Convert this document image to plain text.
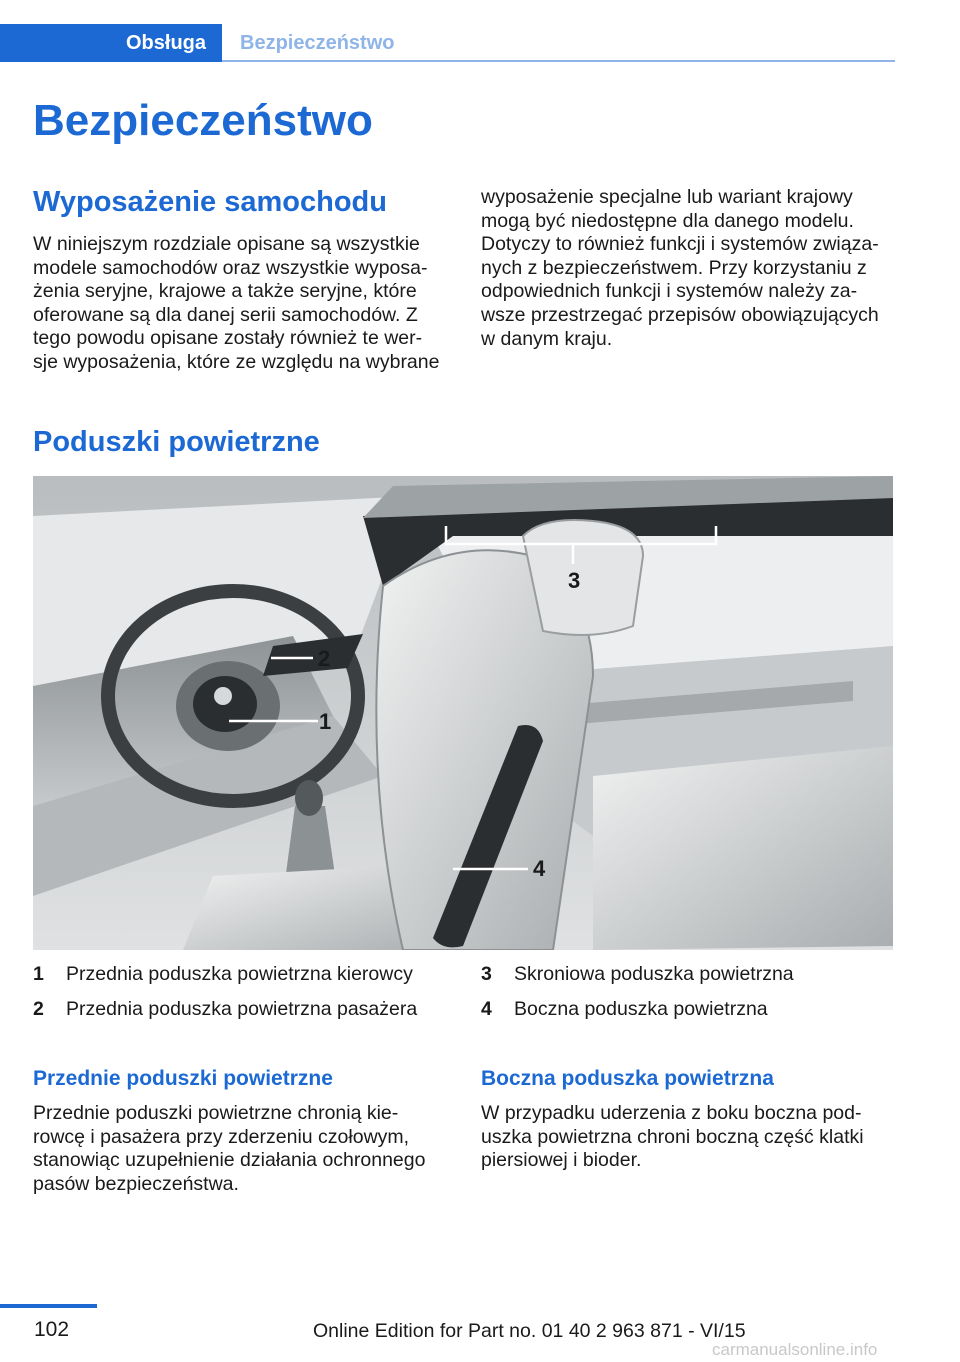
Obsługa	Bezpieczeństwo
Bezpieczeństwo
Wyposażenie samochodu
W niniejszym rozdziale opisane są wszystkie
modele samochodów oraz wszystkie wyposa‐
żenia seryjne, krajowe a także seryjne, które
oferowane są dla danej serii samochodów. Z
tego powodu opisane zostały również te wer‐
sje wyposażenia, które ze względu na wybrane
wyposażenie specjalne lub wariant krajowy
mogą być niedostępne dla danego modelu.
Dotyczy to również funkcji i systemów związa‐
nych z bezpieczeństwem. Przy korzystaniu z
odpowiednich funkcji i systemów należy za‐
wsze przestrzegać przepisów obowiązujących
w danym kraju.
Poduszki powietrzne
3
2
1
4
1 Przednia poduszka powietrzna kierowcy
2 Przednia poduszka powietrzna pasażera
3 Skroniowa poduszka powietrzna
4 Boczna poduszka powietrzna
Przednie poduszki powietrzne
Przednie poduszki powietrzne chronią kie‐
rowcę i pasażera przy zderzeniu czołowym,
stanowiąc uzupełnienie działania ochronnego
pasów bezpieczeństwa.
Boczna poduszka powietrzna
W przypadku uderzenia z boku boczna pod‐
uszka powietrzna chroni boczną część klatki
piersiowej i bioder.
102	Online Edition for Part no. 01 40 2 963 871 - VI/15
carmanualsonline.info
